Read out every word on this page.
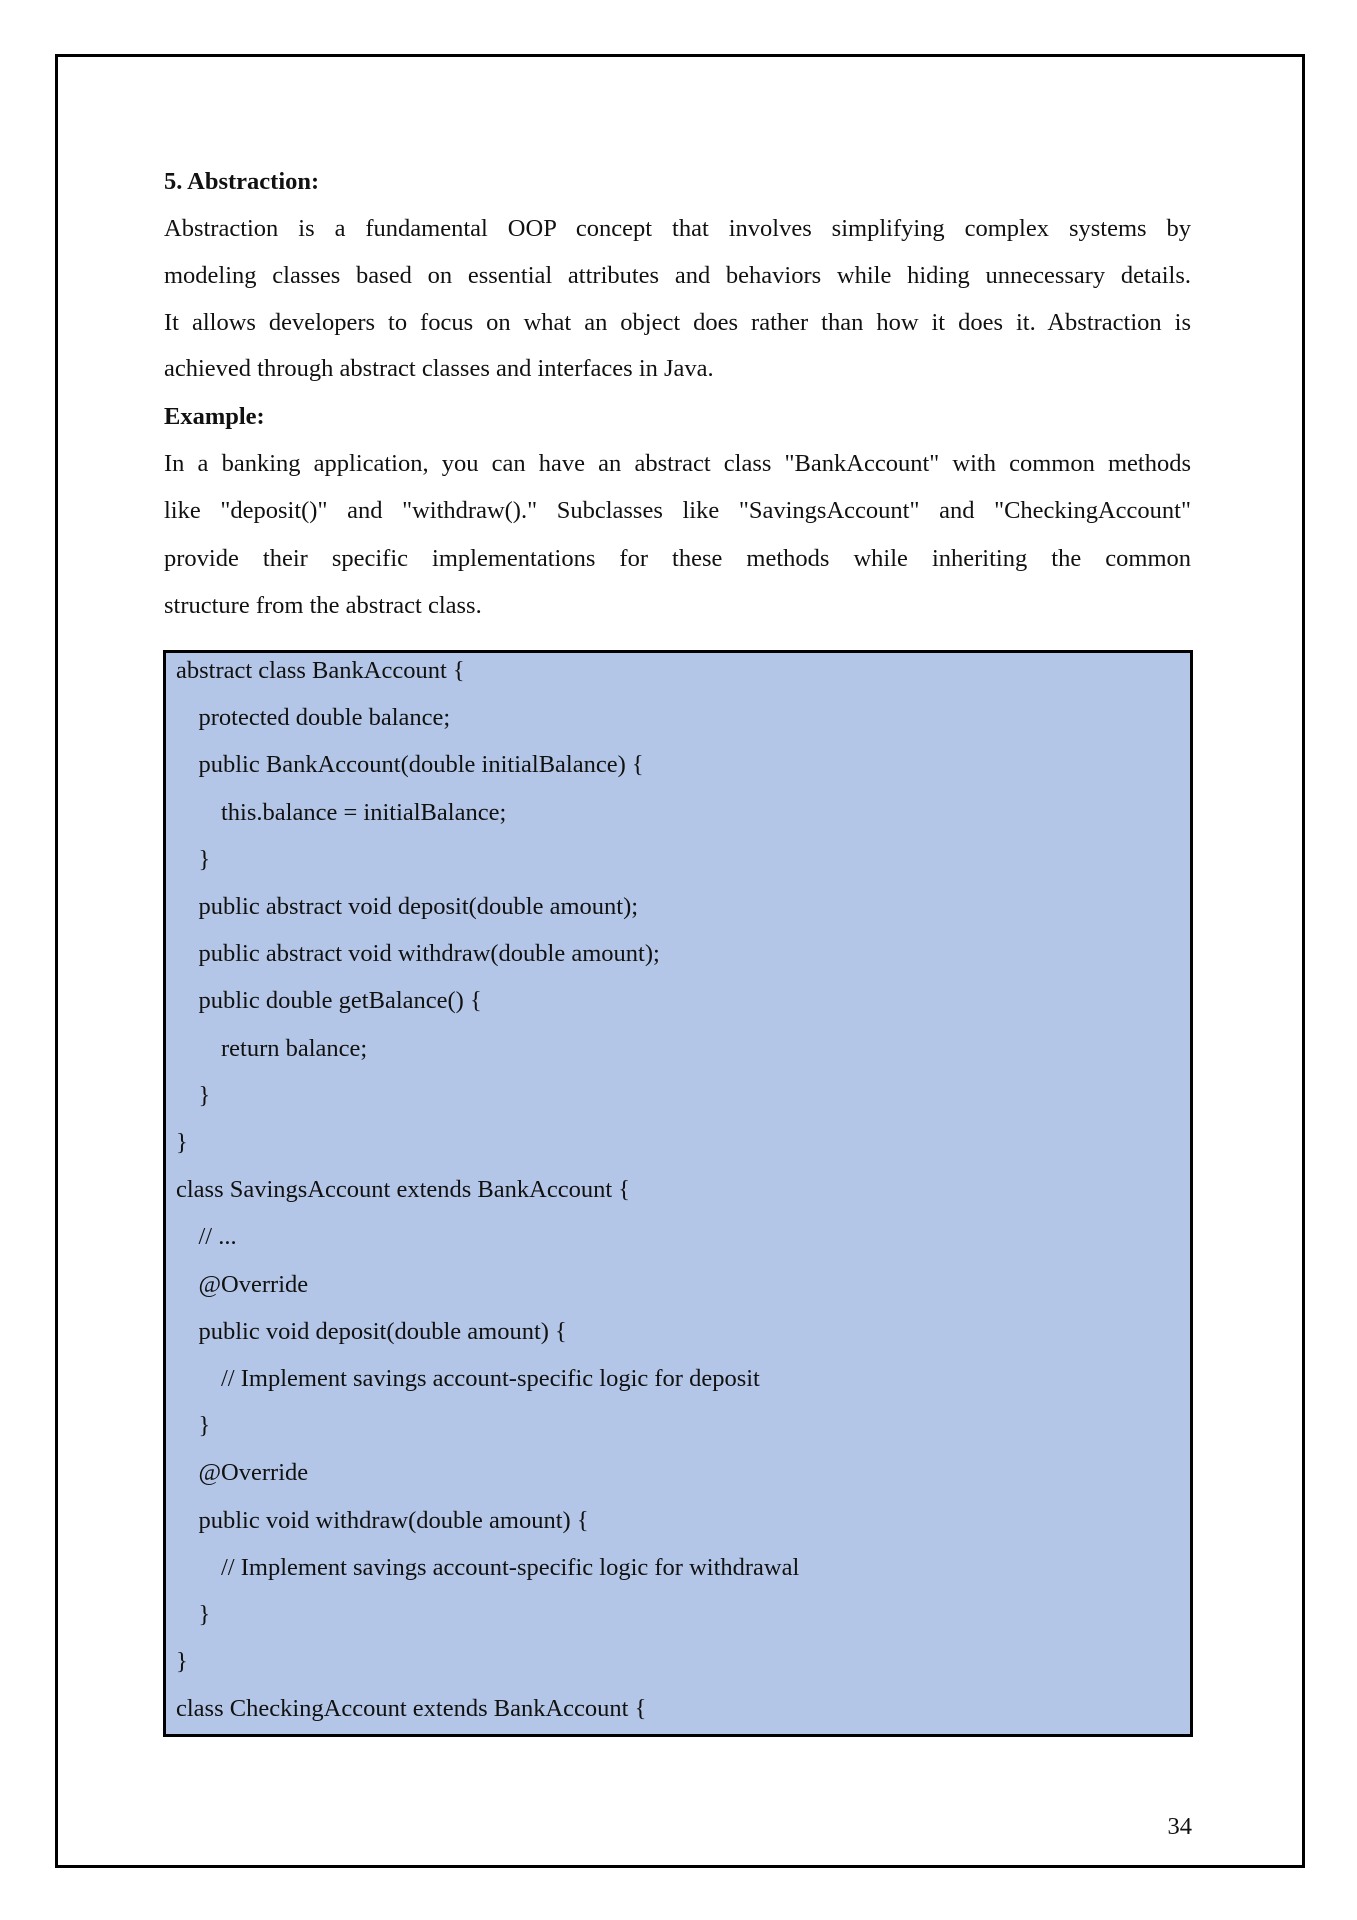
5. Abstraction:
Abstraction is a fundamental OOP concept that involves simplifying complex systems by
modeling classes based on essential attributes and behaviors while hiding unnecessary details.
It allows developers to focus on what an object does rather than how it does it. Abstraction is
achieved through abstract classes and interfaces in Java.
Example:
In a banking application, you can have an abstract class "BankAccount" with common methods
like "deposit()" and "withdraw()." Subclasses like "SavingsAccount" and "CheckingAccount"
provide their specific implementations for these methods while inheriting the common
structure from the abstract class.
abstract class BankAccount {
protected double balance;
public BankAccount(double initialBalance) {
this.balance = initialBalance;
}
public abstract void deposit(double amount);
public abstract void withdraw(double amount);
public double getBalance() {
return balance;
}
}
class SavingsAccount extends BankAccount {
// ...
@Override
public void deposit(double amount) {
// Implement savings account-specific logic for deposit
}
@Override
public void withdraw(double amount) {
// Implement savings account-specific logic for withdrawal
}
}
class CheckingAccount extends BankAccount {
34
